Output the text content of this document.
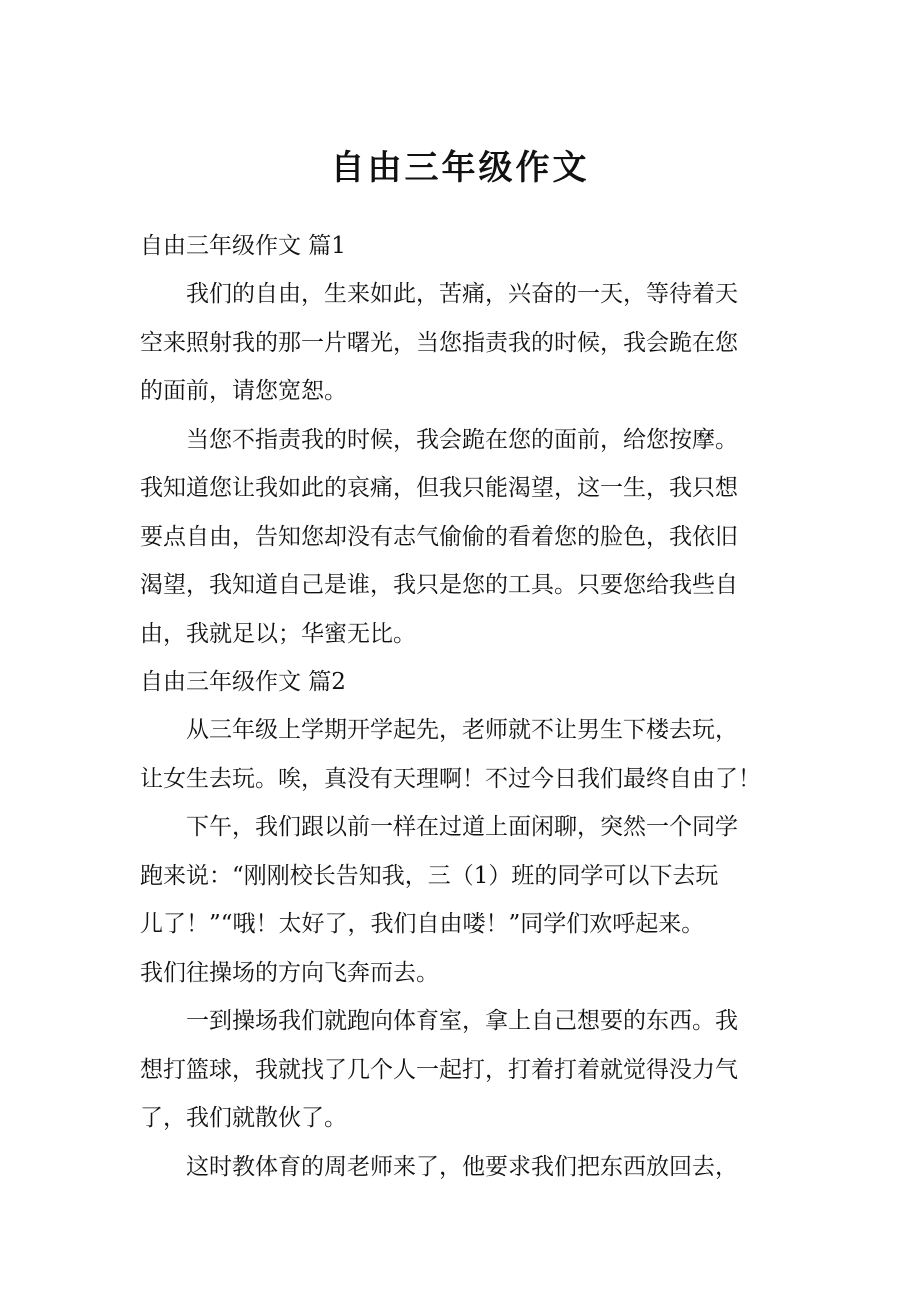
自由三年级作文
自由三年级作文 篇1
我们的自由，生来如此，苦痛，兴奋的一天，等待着天
空来照射我的那一片曙光，当您指责我的时候，我会跪在您
的面前，请您宽恕。
当您不指责我的时候，我会跪在您的面前，给您按摩。
我知道您让我如此的哀痛，但我只能渴望，这一生，我只想
要点自由，告知您却没有志气偷偷的看着您的脸色，我依旧
渴望，我知道自己是谁，我只是您的工具。只要您给我些自
由，我就足以；华蜜无比。
自由三年级作文 篇2
从三年级上学期开学起先，老师就不让男生下楼去玩，
让女生去玩。唉，真没有天理啊！不过今日我们最终自由了！
下午，我们跟以前一样在过道上面闲聊，突然一个同学
跑来说：“刚刚校长告知我，三（1）班的同学可以下去玩
儿了！”“哦！太好了，我们自由喽！”同学们欢呼起来。
我们往操场的方向飞奔而去。
一到操场我们就跑向体育室，拿上自己想要的东西。我
想打篮球，我就找了几个人一起打，打着打着就觉得没力气
了，我们就散伙了。
这时教体育的周老师来了，他要求我们把东西放回去，
